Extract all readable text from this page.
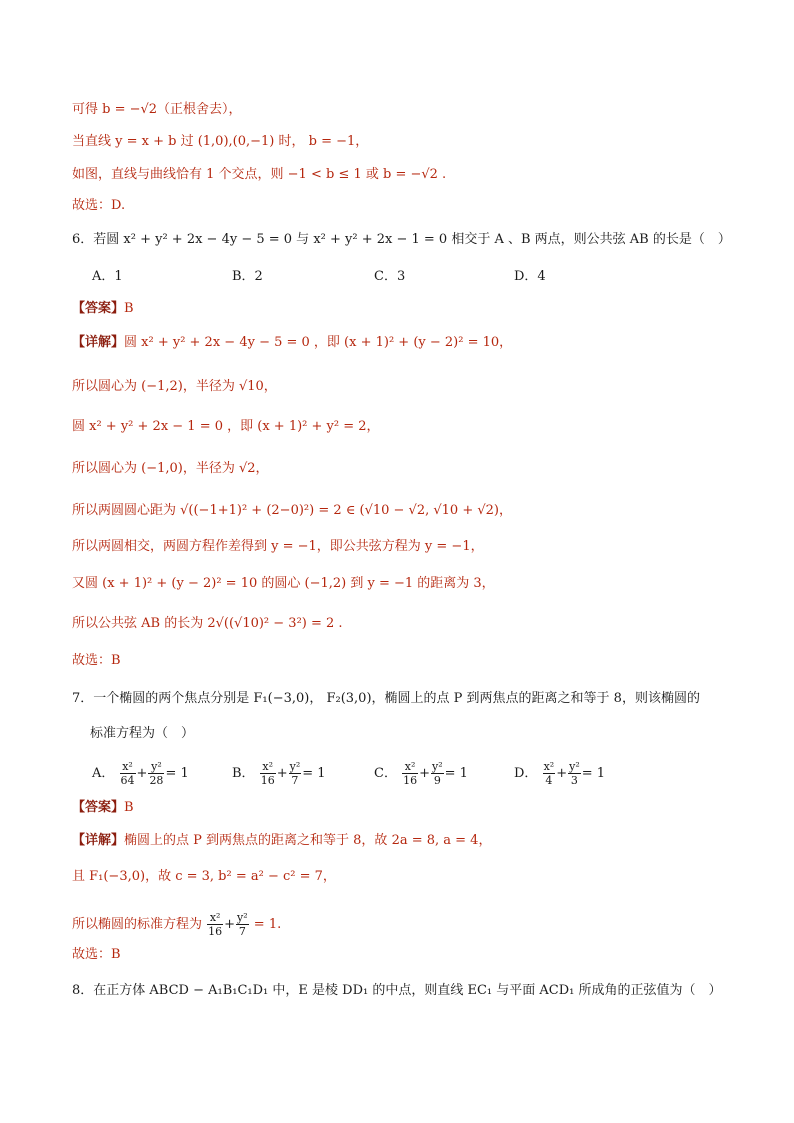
可得 b = −√2（正根舍去），
当直线 y = x + b 过 (1,0),(0,−1) 时， b = −1，
如图，直线与曲线恰有 1 个交点，则 −1 < b ≤ 1 或 b = −√2 .
故选：D.
6．若圆 x² + y² + 2x − 4y − 5 = 0 与 x² + y² + 2x − 1 = 0 相交于 A 、B 两点，则公共弦 AB 的长是（　）
A．1	B．2	C．3	D．4
【答案】B
【详解】圆 x² + y² + 2x − 4y − 5 = 0 ，即 (x + 1)² + (y − 2)² = 10，
所以圆心为 (−1,2)，半径为 √10，
圆 x² + y² + 2x − 1 = 0 ，即 (x + 1)² + y² = 2，
所以圆心为 (−1,0)，半径为 √2，
所以两圆圆心距为 √((−1+1)² + (2−0)²) = 2 ∈ (√10 − √2, √10 + √2)，
所以两圆相交，两圆方程作差得到 y = −1，即公共弦方程为 y = −1，
又圆 (x + 1)² + (y − 2)² = 10 的圆心 (−1,2) 到 y = −1 的距离为 3，
所以公共弦 AB 的长为 2√((√10)² − 3²) = 2 .
故选：B
7．一个椭圆的两个焦点分别是 F₁(−3,0)， F₂(3,0)，椭圆上的点 P 到两焦点的距离之和等于 8，则该椭圆的
标准方程为（　）
A． $\frac{\text{x²}}{64} + \frac{\text{y²}}{28} = 1$	B． $\frac{\text{x²}}{16} + \frac{\text{y²}}{7} = 1$	C． $\frac{\text{x²}}{16} + \frac{\text{y²}}{9} = 1$	D． $\frac{\text{x²}}{4} + \frac{\text{y²}}{3} = 1$
【答案】B
【详解】椭圆上的点 P 到两焦点的距离之和等于 8，故 2a = 8, a = 4，
且 F₁(−3,0)，故 c = 3, b² = a² − c² = 7，
所以椭圆的标准方程为 $\frac{\text{x²}}{16} + \frac{\text{y²}}{7} = 1$.
故选：B
8．在正方体 ABCD − A₁B₁C₁D₁ 中，E 是棱 DD₁ 的中点，则直线 EC₁ 与平面 ACD₁ 所成角的正弦值为（　）
